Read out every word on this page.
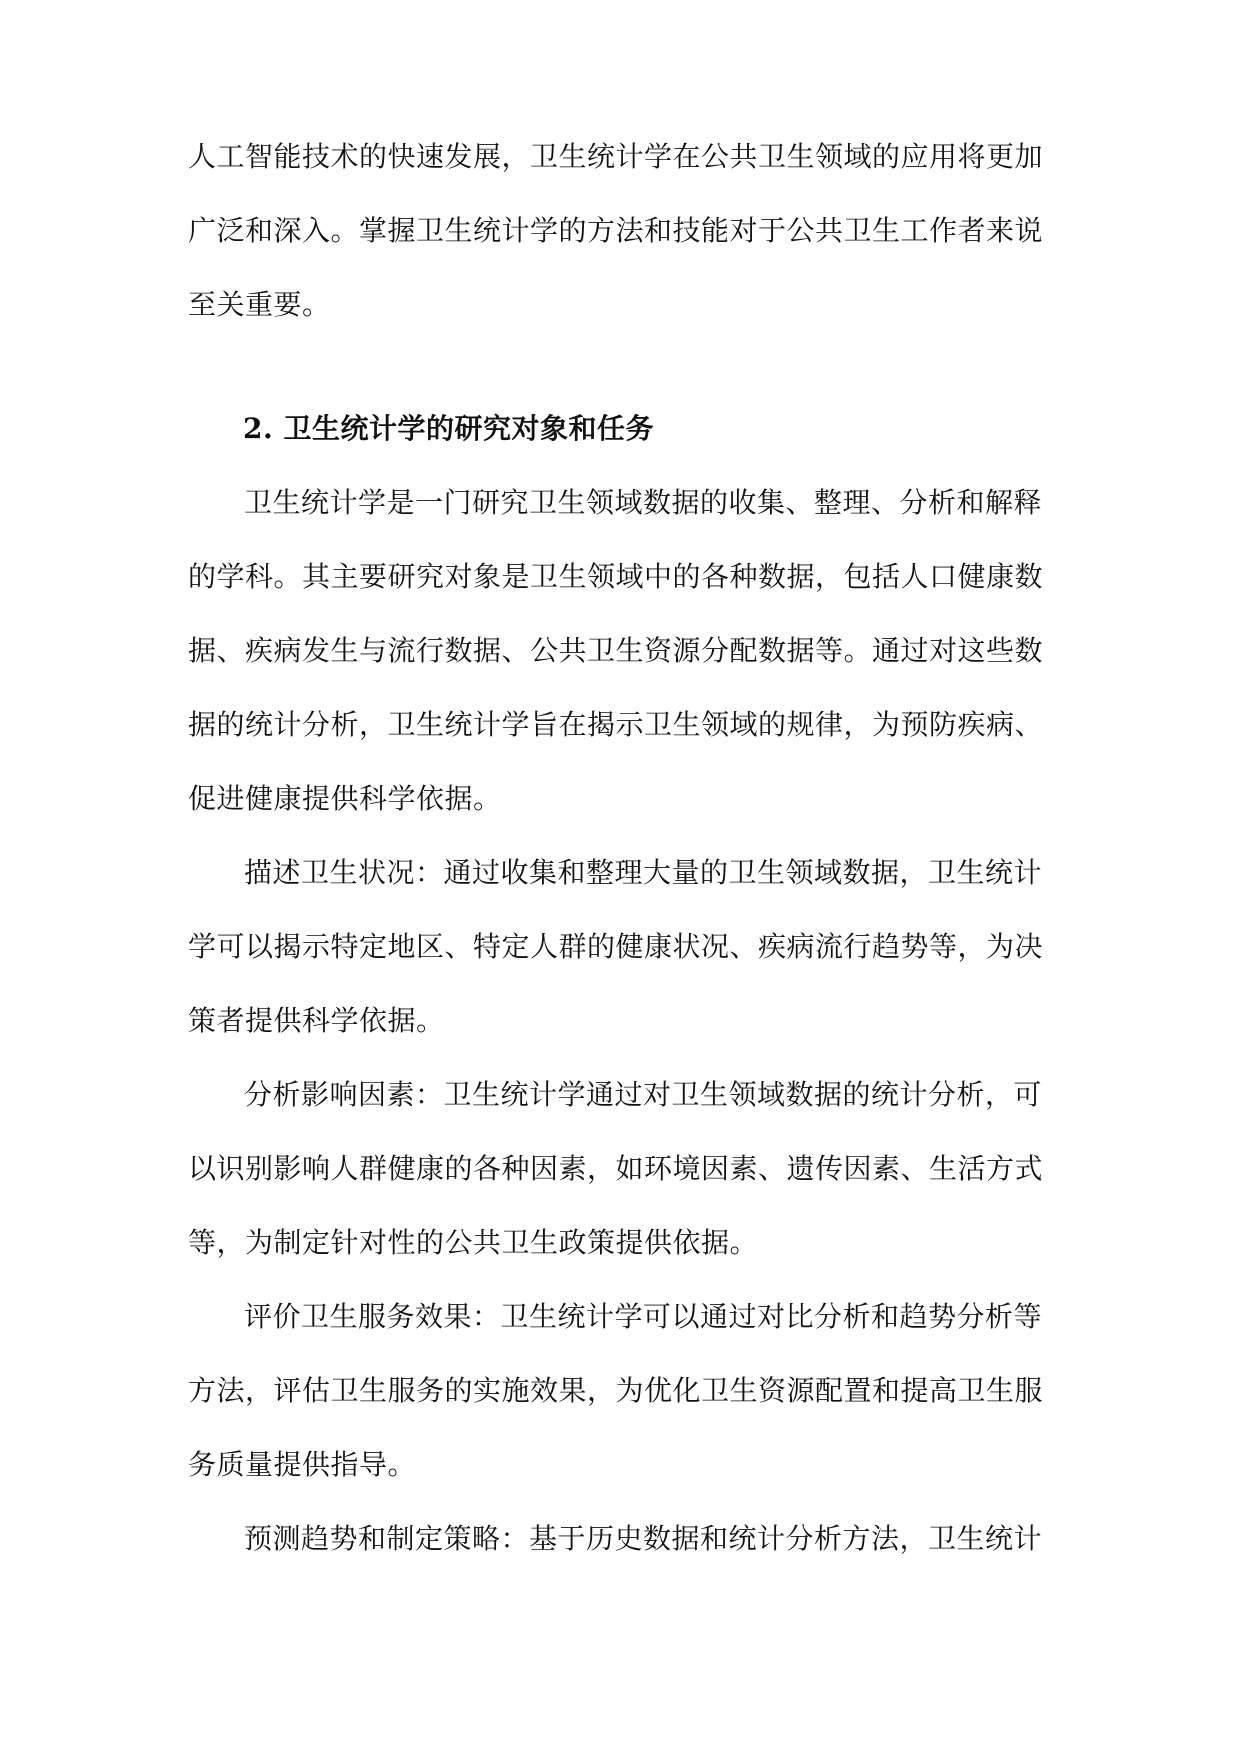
人工智能技术的快速发展，卫生统计学在公共卫生领域的应用将更加广泛和深入。掌握卫生统计学的方法和技能对于公共卫生工作者来说至关重要。
2. 卫生统计学的研究对象和任务
卫生统计学是一门研究卫生领域数据的收集、整理、分析和解释的学科。其主要研究对象是卫生领域中的各种数据，包括人口健康数据、疾病发生与流行数据、公共卫生资源分配数据等。通过对这些数据的统计分析，卫生统计学旨在揭示卫生领域的规律，为预防疾病、促进健康提供科学依据。
描述卫生状况：通过收集和整理大量的卫生领域数据，卫生统计学可以揭示特定地区、特定人群的健康状况、疾病流行趋势等，为决策者提供科学依据。
分析影响因素：卫生统计学通过对卫生领域数据的统计分析，可以识别影响人群健康的各种因素，如环境因素、遗传因素、生活方式等，为制定针对性的公共卫生政策提供依据。
评价卫生服务效果：卫生统计学可以通过对比分析和趋势分析等方法，评估卫生服务的实施效果，为优化卫生资源配置和提高卫生服务质量提供指导。
预测趋势和制定策略：基于历史数据和统计分析方法，卫生统计
